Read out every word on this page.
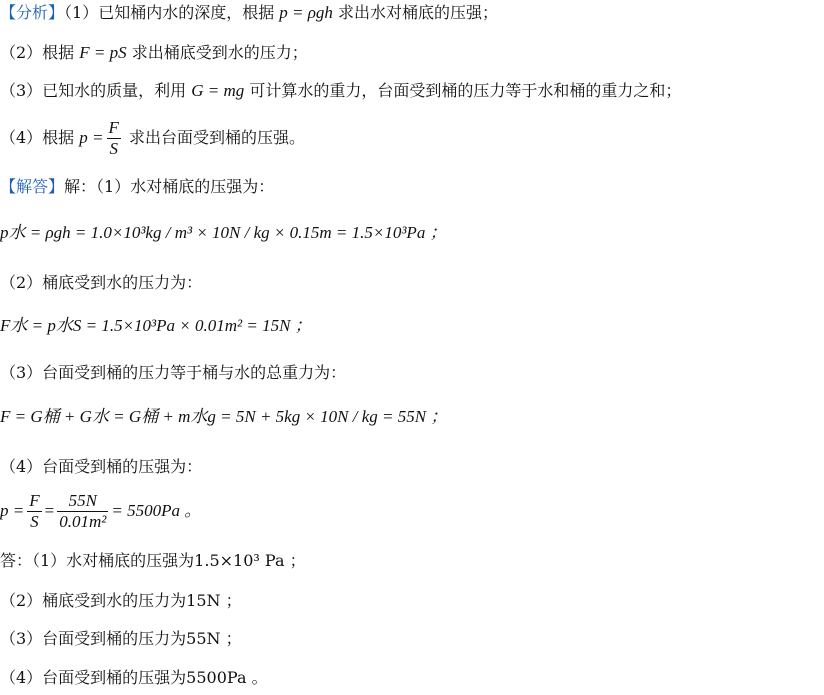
【分析】（1）已知桶内水的深度，根据 p = ρgh 求出水对桶底的压强；
（2）根据 F = pS 求出桶底受到水的压力；
（3）已知水的质量，利用 G = mg 可计算水的重力，台面受到桶的压力等于水和桶的重力之和；
（4）根据 $p = \frac{F}{S}$ 求出台面受到桶的压强。
【解答】解：（1）水对桶底的压强为：
p水 = ρgh = 1.0×10³kg / m³ × 10N / kg × 0.15m = 1.5×10³Pa ；
（2）桶底受到水的压力为：
F水 = p水S = 1.5×10³Pa × 0.01m² = 15N ；
（3）台面受到桶的压力等于桶与水的总重力为：
F = G桶 + G水 = G桶 + m水g = 5N + 5kg × 10N / kg = 55N ；
（4）台面受到桶的压强为：
$p = \frac{F}{S} = \frac{55N}{\text{0.01m²}} = 5500Pa$ 。
答：（1）水对桶底的压强为1.5×10³ Pa ；
（2）桶底受到水的压力为15N ；
（3）台面受到桶的压力为55N ；
（4）台面受到桶的压强为5500Pa 。
